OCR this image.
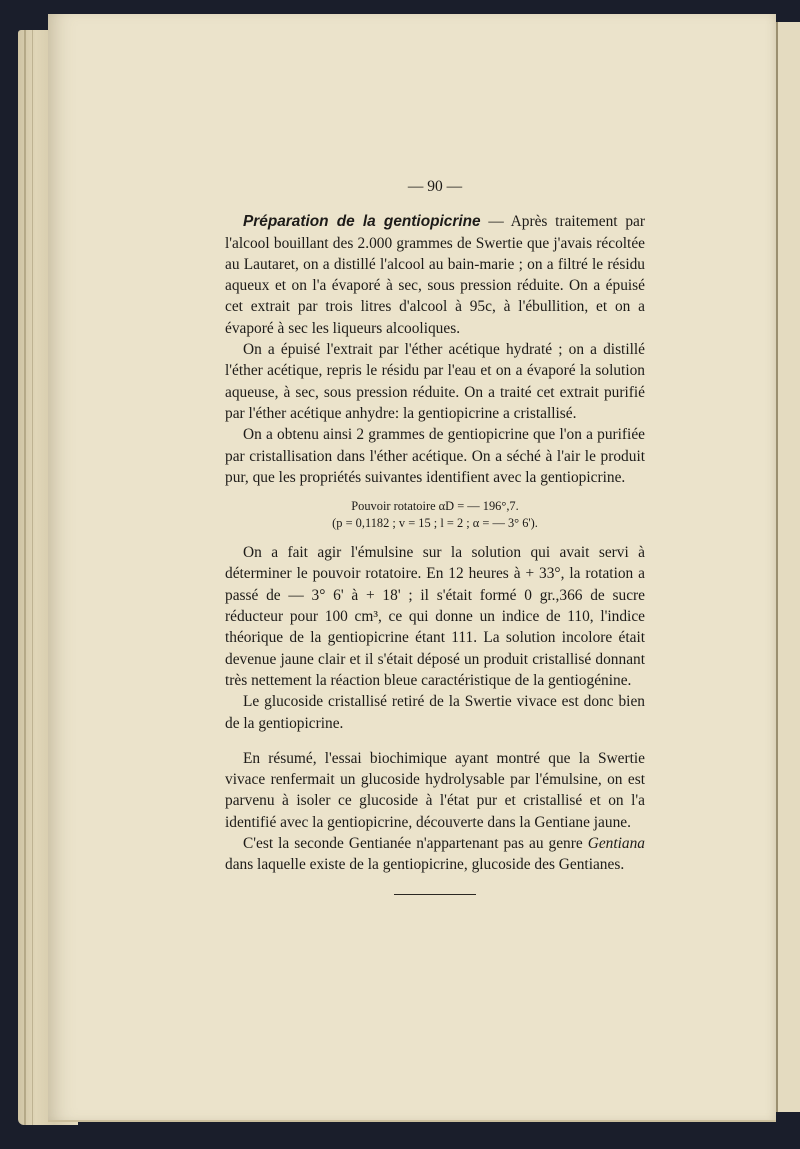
— 90 —

Préparation de la gentiopicrine — Après traitement par l'alcool bouillant des 2.000 grammes de Swertie que j'avais récoltée au Lautaret, on a distillé l'alcool au bain-marie ; on a filtré le résidu aqueux et on l'a évaporé à sec, sous pression réduite. On a épuisé cet extrait par trois litres d'alcool à 95c, à l'ébullition, et on a évaporé à sec les liqueurs alcooliques.

On a épuisé l'extrait par l'éther acétique hydraté ; on a distillé l'éther acétique, repris le résidu par l'eau et on a évaporé la solution aqueuse, à sec, sous pression réduite. On a traité cet extrait purifié par l'éther acétique anhydre: la gentiopicrine a cristallisé.

On a obtenu ainsi 2 grammes de gentiopicrine que l'on a purifiée par cristallisation dans l'éther acétique. On a séché à l'air le produit pur, que les propriétés suivantes identifient avec la gentiopicrine.

Pouvoir rotatoire αD = — 196°,7.
(p = 0,1182 ; v = 15 ; l = 2 ; α = — 3° 6').

On a fait agir l'émulsine sur la solution qui avait servi à déterminer le pouvoir rotatoire. En 12 heures à + 33°, la rotation a passé de — 3° 6' à + 18' ; il s'était formé 0 gr.,366 de sucre réducteur pour 100 cm³, ce qui donne un indice de 110, l'indice théorique de la gentiopicrine étant 111. La solution incolore était devenue jaune clair et il s'était déposé un produit cristallisé donnant très nettement la réaction bleue caractéristique de la gentiogénine.

Le glucoside cristallisé retiré de la Swertie vivace est donc bien de la gentiopicrine.

En résumé, l'essai biochimique ayant montré que la Swertie vivace renfermait un glucoside hydrolysable par l'émulsine, on est parvenu à isoler ce glucoside à l'état pur et cristallisé et on l'a identifié avec la gentiopicrine, découverte dans la Gentiane jaune.

C'est la seconde Gentianée n'appartenant pas au genre Gentiana dans laquelle existe de la gentiopicrine, glucoside des Gentianes.
